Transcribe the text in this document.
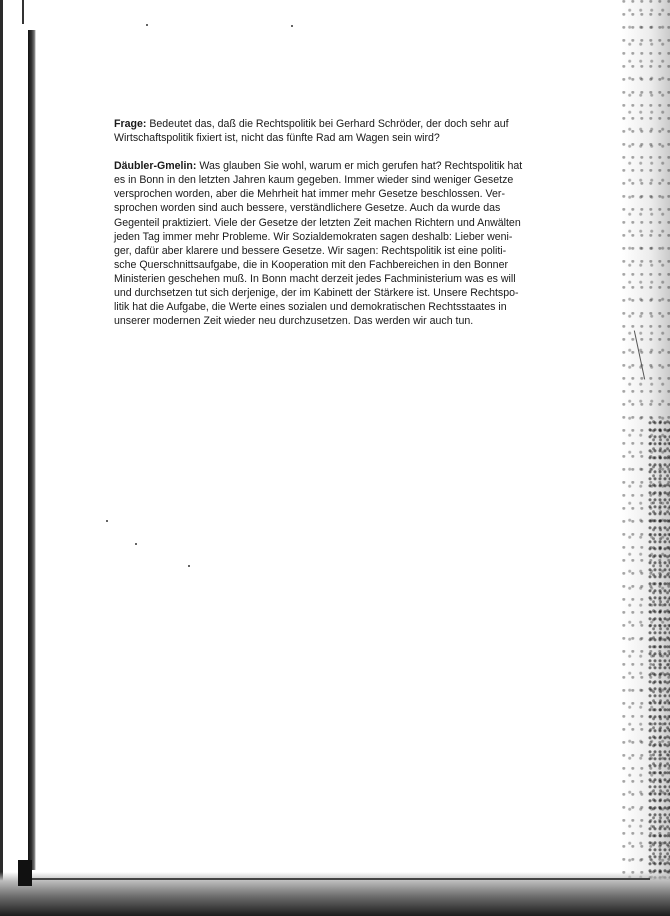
Frage: Bedeutet das, daß die Rechtspolitik bei Gerhard Schröder, der doch sehr auf
Wirtschaftspolitik fixiert ist, nicht das fünfte Rad am Wagen sein wird?

Däubler-Gmelin: Was glauben Sie wohl, warum er mich gerufen hat? Rechtspolitik hat
es in Bonn in den letzten Jahren kaum gegeben. Immer wieder sind weniger Gesetze
versprochen worden, aber die Mehrheit hat immer mehr Gesetze beschlossen. Ver-
sprochen worden sind auch bessere, verständlichere Gesetze. Auch da wurde das
Gegenteil praktiziert. Viele der Gesetze der letzten Zeit machen Richtern und Anwälten
jeden Tag immer mehr Probleme. Wir Sozialdemokraten sagen deshalb: Lieber weni-
ger, dafür aber klarere und bessere Gesetze. Wir sagen: Rechtspolitik ist eine politi-
sche Querschnittsaufgabe, die in Kooperation mit den Fachbereichen in den Bonner
Ministerien geschehen muß. In Bonn macht derzeit jedes Fachministerium was es will
und durchsetzen tut sich derjenige, der im Kabinett der Stärkere ist. Unsere Rechtspo-
litik hat die Aufgabe, die Werte eines sozialen und demokratischen Rechtsstaates in
unserer modernen Zeit wieder neu durchzusetzen. Das werden wir auch tun.
